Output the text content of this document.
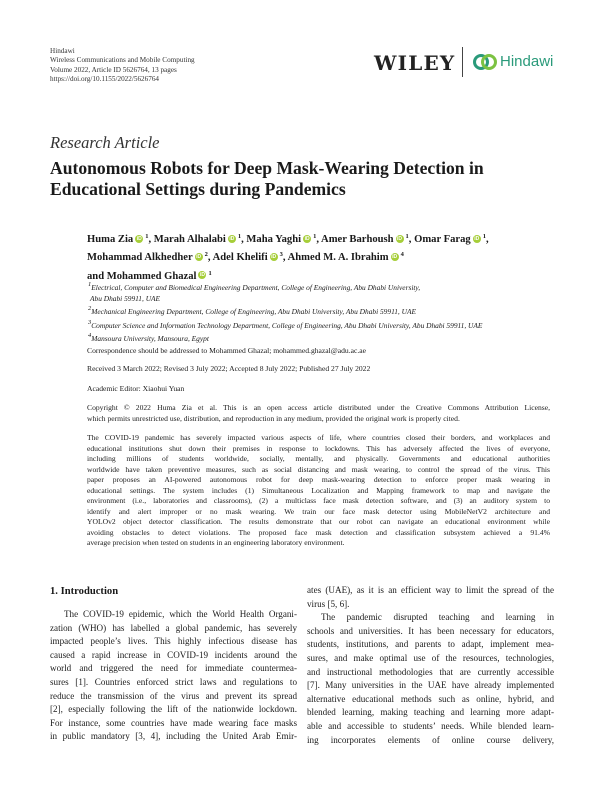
Hindawi
Wireless Communications and Mobile Computing
Volume 2022, Article ID 5626764, 13 pages
https://doi.org/10.1155/2022/5626764
WILEY	Hindawi
Research Article
Autonomous Robots for Deep Mask-Wearing Detection in
Educational Settings during Pandemics
Huma Zia iD $^1$, Marah Alhalabi iD $^1$, Maha Yaghi iD $^1$, Amer Barhoush iD $^1$, Omar Farag iD $^1$,
Mohammad Alkhedher iD $^2$, Adel Khelifi iD $^3$, Ahmed M. A. Ibrahim iD $^4$
and Mohammed Ghazal iD $^1$
1Electrical, Computer and Biomedical Engineering Department, College of Engineering, Abu Dhabi University,
Abu Dhabi 59911, UAE
2Mechanical Engineering Department, College of Engineering, Abu Dhabi University, Abu Dhabi 59911, UAE
3Computer Science and Information Technology Department, College of Engineering, Abu Dhabi University, Abu Dhabi 59911, UAE
4Mansoura University, Mansoura, Egypt
Correspondence should be addressed to Mohammed Ghazal; mohammed.ghazal@adu.ac.ae
Received 3 March 2022; Revised 3 July 2022; Accepted 8 July 2022; Published 27 July 2022
Academic Editor: Xiaohui Yuan
Copyright © 2022 Huma Zia et al. This is an open access article distributed under the Creative Commons Attribution License,
which permits unrestricted use, distribution, and reproduction in any medium, provided the original work is properly cited.
The COVID-19 pandemic has severely impacted various aspects of life, where countries closed their borders, and workplaces and
educational institutions shut down their premises in response to lockdowns. This has adversely affected the lives of everyone,
including millions of students worldwide, socially, mentally, and physically. Governments and educational authorities
worldwide have taken preventive measures, such as social distancing and mask wearing, to control the spread of the virus. This
paper proposes an AI-powered autonomous robot for deep mask-wearing detection to enforce proper mask wearing in
educational settings. The system includes (1) Simultaneous Localization and Mapping framework to map and navigate the
environment (i.e., laboratories and classrooms), (2) a multiclass face mask detection software, and (3) an auditory system to
identify and alert improper or no mask wearing. We train our face mask detector using MobileNetV2 architecture and
YOLOv2 object detector classification. The results demonstrate that our robot can navigate an educational environment while
avoiding obstacles to detect violations. The proposed face mask detection and classification subsystem achieved a 91.4%
average precision when tested on students in an engineering laboratory environment.
1. Introduction
The COVID-19 epidemic, which the World Health Organi-
zation (WHO) has labelled a global pandemic, has severely
impacted people’s lives. This highly infectious disease has
caused a rapid increase in COVID-19 incidents around the
world and triggered the need for immediate countermea-
sures [1]. Countries enforced strict laws and regulations to
reduce the transmission of the virus and prevent its spread
[2], especially following the lift of the nationwide lockdown.
For instance, some countries have made wearing face masks
in public mandatory [3, 4], including the United Arab Emir-
ates (UAE), as it is an efficient way to limit the spread of the
virus [5, 6].
The pandemic disrupted teaching and learning in
schools and universities. It has been necessary for educators,
students, institutions, and parents to adapt, implement mea-
sures, and make optimal use of the resources, technologies,
and instructional methodologies that are currently accessible
[7]. Many universities in the UAE have already implemented
alternative educational methods such as online, hybrid, and
blended learning, making teaching and learning more adapt-
able and accessible to students’ needs. While blended learn-
ing incorporates elements of online course delivery,
